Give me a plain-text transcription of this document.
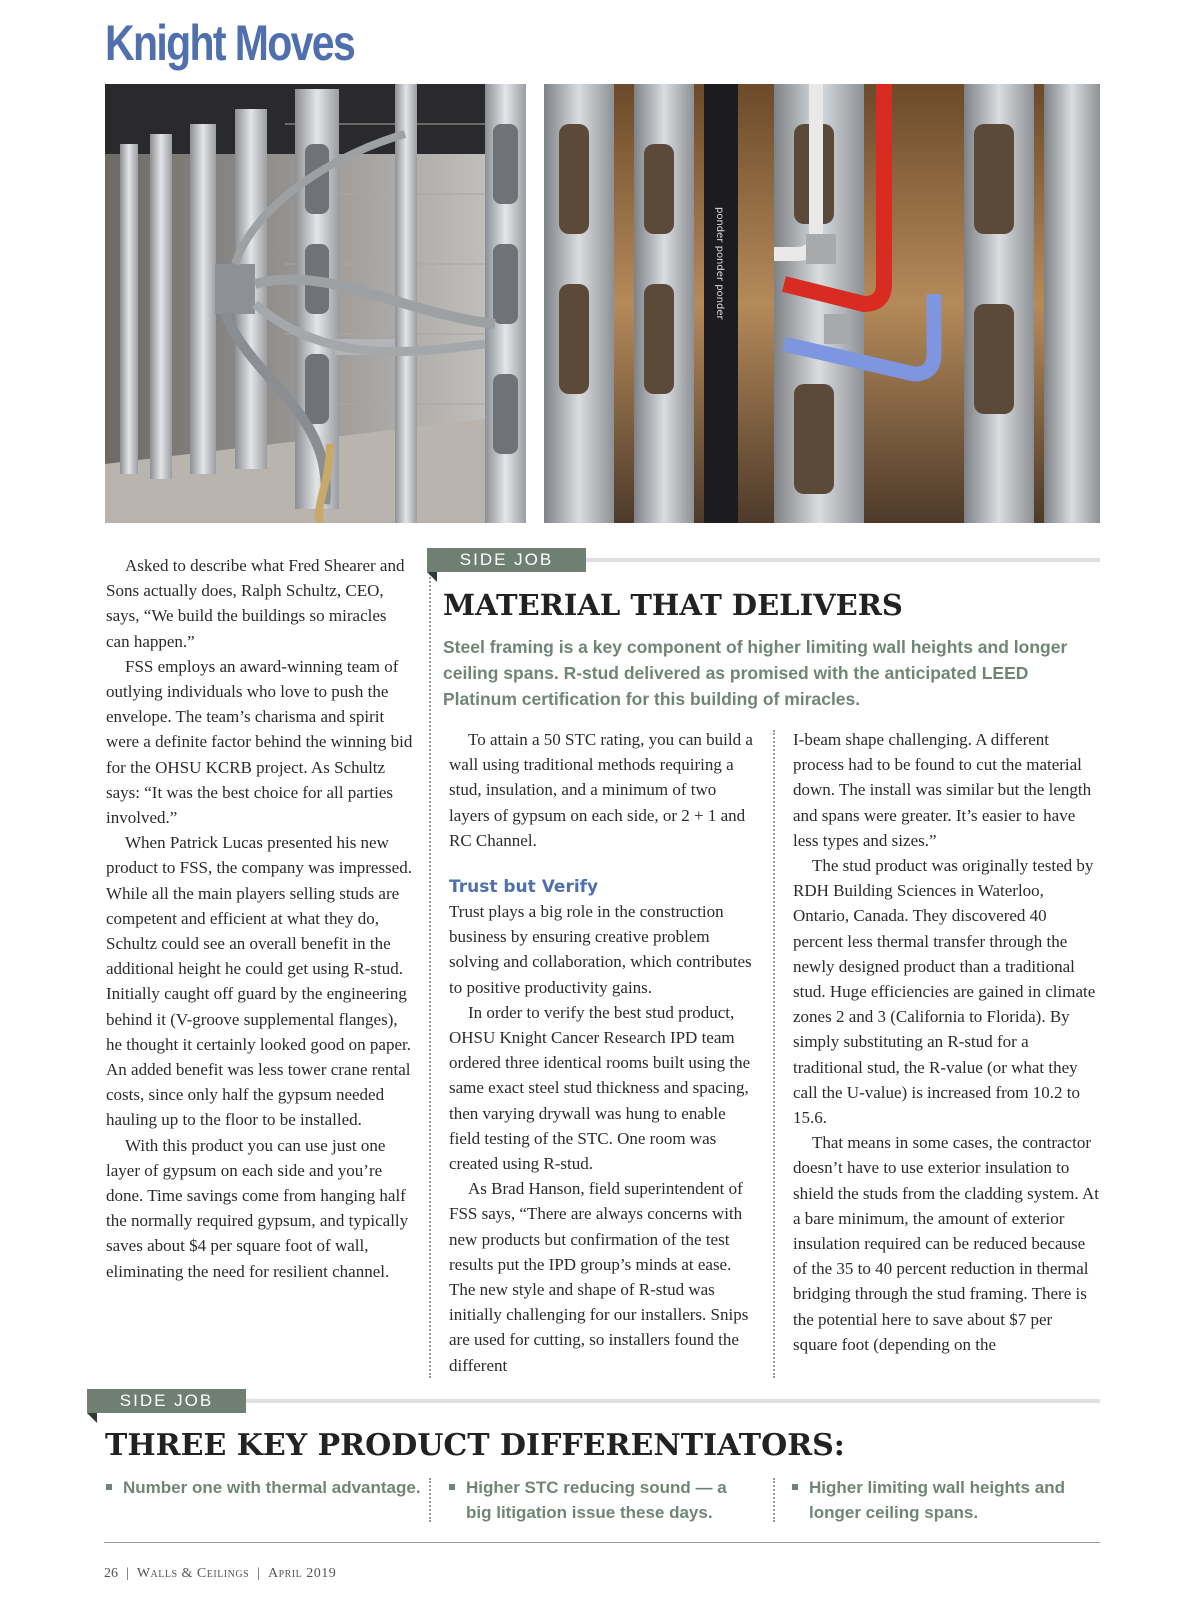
Knight Moves
ponder ponder ponder

Asked to describe what Fred Shearer and Sons actually does, Ralph Schultz, CEO, says, “We build the buildings so miracles can happen.”

FSS employs an award-winning team of outlying individuals who love to push the envelope. The team’s charisma and spirit were a definite factor behind the winning bid for the OHSU KCRB project. As Schultz says: “It was the best choice for all parties involved.”

When Patrick Lucas presented his new product to FSS, the company was impressed. While all the main players selling studs are competent and efficient at what they do, Schultz could see an overall benefit in the additional height he could get using R-stud. Initially caught off guard by the engineering behind it (V-groove supplemental flanges), he thought it certainly looked good on paper. An added benefit was less tower crane rental costs, since only half the gypsum needed hauling up to the floor to be installed.

With this product you can use just one layer of gypsum on each side and you’re done. Time savings come from hanging half the normally required gypsum, and typically saves about $4 per square foot of wall, eliminating the need for resilient channel.

SIDE JOB
MATERIAL THAT DELIVERS
Steel framing is a key component of higher limiting wall heights and longer ceiling spans. R-stud delivered as promised with the anticipated LEED Platinum certification for this building of miracles.

To attain a 50 STC rating, you can build a wall using traditional methods requiring a stud, insulation, and a minimum of two layers of gypsum on each side, or 2 + 1 and RC Channel.

Trust but Verify

Trust plays a big role in the construction business by ensuring creative problem solving and collaboration, which contributes to positive productivity gains.

In order to verify the best stud product, OHSU Knight Cancer Research IPD team ordered three identical rooms built using the same exact steel stud thickness and spacing, then varying drywall was hung to enable field testing of the STC. One room was created using R-stud.

As Brad Hanson, field superintendent of FSS says, “There are always concerns with new products but confirmation of the test results put the IPD group’s minds at ease. The new style and shape of R-stud was initially challenging for our installers. Snips are used for cutting, so installers found the different

I-beam shape challenging. A different process had to be found to cut the material down. The install was similar but the length and spans were greater. It’s easier to have less types and sizes.”

The stud product was originally tested by RDH Building Sciences in Waterloo, Ontario, Canada. They discovered 40 percent less thermal transfer through the newly designed product than a traditional stud. Huge efficiencies are gained in climate zones 2 and 3 (California to Florida). By simply substituting an R-stud for a traditional stud, the R-value (or what they call the U-value) is increased from 10.2 to 15.6.

That means in some cases, the contractor doesn’t have to use exterior insulation to shield the studs from the cladding system. At a bare minimum, the amount of exterior insulation required can be reduced because of the 35 to 40 percent reduction in thermal bridging through the stud framing. There is the potential here to save about $7 per square foot (depending on the

SIDE JOB
THREE KEY PRODUCT DIFFERENTIATORS:
Number one with thermal advantage.	Higher STC reducing sound — a big litigation issue these days.
Higher limiting wall heights and longer ceiling spans.
26 | Walls & Ceilings | April 2019
